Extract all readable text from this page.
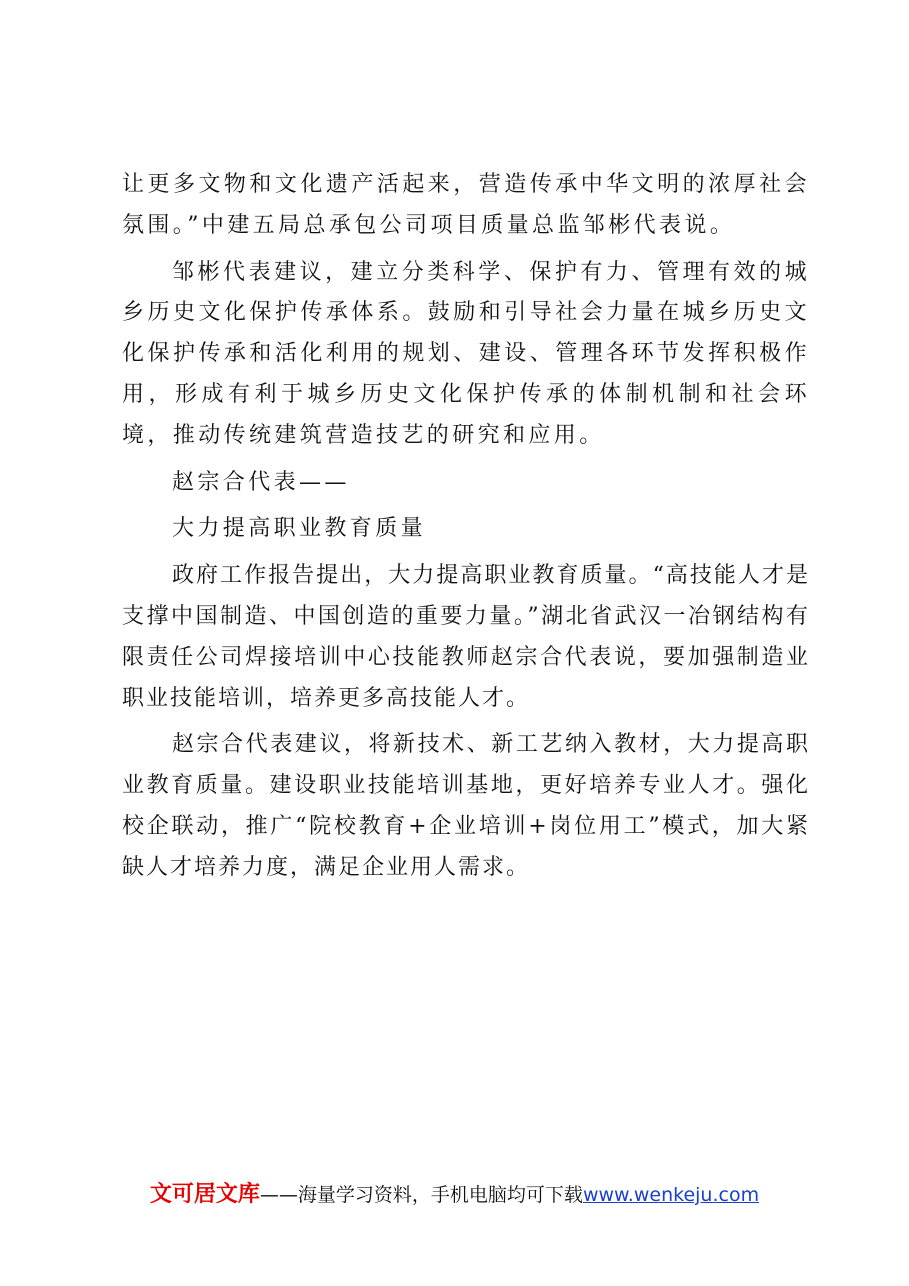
让更多文物和文化遗产活起来，营造传承中华文明的浓厚社会氛围。”中建五局总承包公司项目质量总监邹彬代表说。

邹彬代表建议，建立分类科学、保护有力、管理有效的城乡历史文化保护传承体系。鼓励和引导社会力量在城乡历史文化保护传承和活化利用的规划、建设、管理各环节发挥积极作用，形成有利于城乡历史文化保护传承的体制机制和社会环境，推动传统建筑营造技艺的研究和应用。

赵宗合代表——

大力提高职业教育质量

政府工作报告提出，大力提高职业教育质量。“高技能人才是支撑中国制造、中国创造的重要力量。”湖北省武汉一冶钢结构有限责任公司焊接培训中心技能教师赵宗合代表说，要加强制造业职业技能培训，培养更多高技能人才。

赵宗合代表建议，将新技术、新工艺纳入教材，大力提高职业教育质量。建设职业技能培训基地，更好培养专业人才。强化校企联动，推广“院校教育+企业培训+岗位用工”模式，加大紧缺人才培养力度，满足企业用人需求。

文可居文库——海量学习资料，手机电脑均可下载www.wenkeju.com
